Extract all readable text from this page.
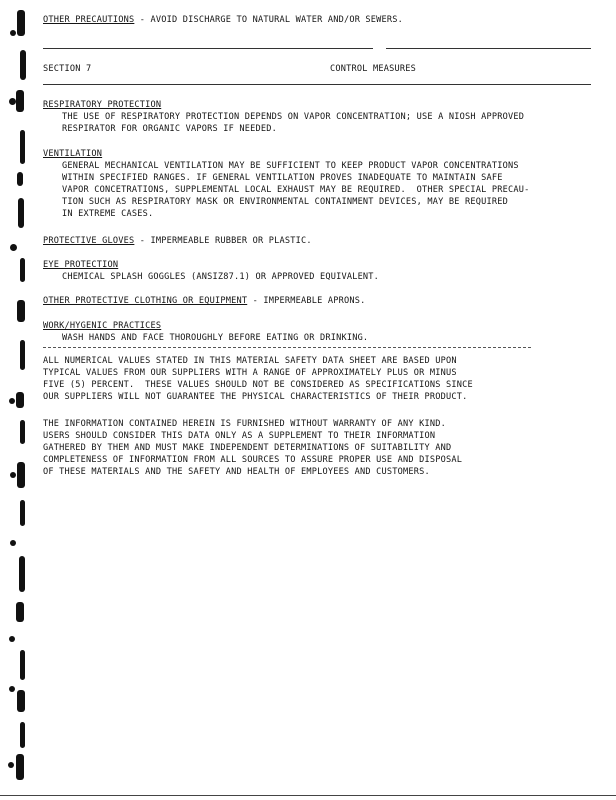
OTHER PRECAUTIONS - AVOID DISCHARGE TO NATURAL WATER AND/OR SEWERS.
SECTION 7	CONTROL MEASURES
RESPIRATORY PROTECTION
THE USE OF RESPIRATORY PROTECTION DEPENDS ON VAPOR CONCENTRATION; USE A NIOSH APPROVED
RESPIRATOR FOR ORGANIC VAPORS IF NEEDED.
VENTILATION
GENERAL MECHANICAL VENTILATION MAY BE SUFFICIENT TO KEEP PRODUCT VAPOR CONCENTRATIONS
WITHIN SPECIFIED RANGES. IF GENERAL VENTILATION PROVES INADEQUATE TO MAINTAIN SAFE
VAPOR CONCETRATIONS, SUPPLEMENTAL LOCAL EXHAUST MAY BE REQUIRED.  OTHER SPECIAL PRECAU-
TION SUCH AS RESPIRATORY MASK OR ENVIRONMENTAL CONTAINMENT DEVICES, MAY BE REQUIRED
IN EXTREME CASES.
PROTECTIVE GLOVES - IMPERMEABLE RUBBER OR PLASTIC.
EYE PROTECTION
CHEMICAL SPLASH GOGGLES (ANSIZ87.1) OR APPROVED EQUIVALENT.
OTHER PROTECTIVE CLOTHING OR EQUIPMENT - IMPERMEABLE APRONS.
WORK/HYGENIC PRACTICES
WASH HANDS AND FACE THOROUGHLY BEFORE EATING OR DRINKING.
ALL NUMERICAL VALUES STATED IN THIS MATERIAL SAFETY DATA SHEET ARE BASED UPON
TYPICAL VALUES FROM OUR SUPPLIERS WITH A RANGE OF APPROXIMATELY PLUS OR MINUS
FIVE (5) PERCENT.  THESE VALUES SHOULD NOT BE CONSIDERED AS SPECIFICATIONS SINCE
OUR SUPPLIERS WILL NOT GUARANTEE THE PHYSICAL CHARACTERISTICS OF THEIR PRODUCT.
THE INFORMATION CONTAINED HEREIN IS FURNISHED WITHOUT WARRANTY OF ANY KIND.
USERS SHOULD CONSIDER THIS DATA ONLY AS A SUPPLEMENT TO THEIR INFORMATION
GATHERED BY THEM AND MUST MAKE INDEPENDENT DETERMINATIONS OF SUITABILITY AND
COMPLETENESS OF INFORMATION FROM ALL SOURCES TO ASSURE PROPER USE AND DISPOSAL
OF THESE MATERIALS AND THE SAFETY AND HEALTH OF EMPLOYEES AND CUSTOMERS.
